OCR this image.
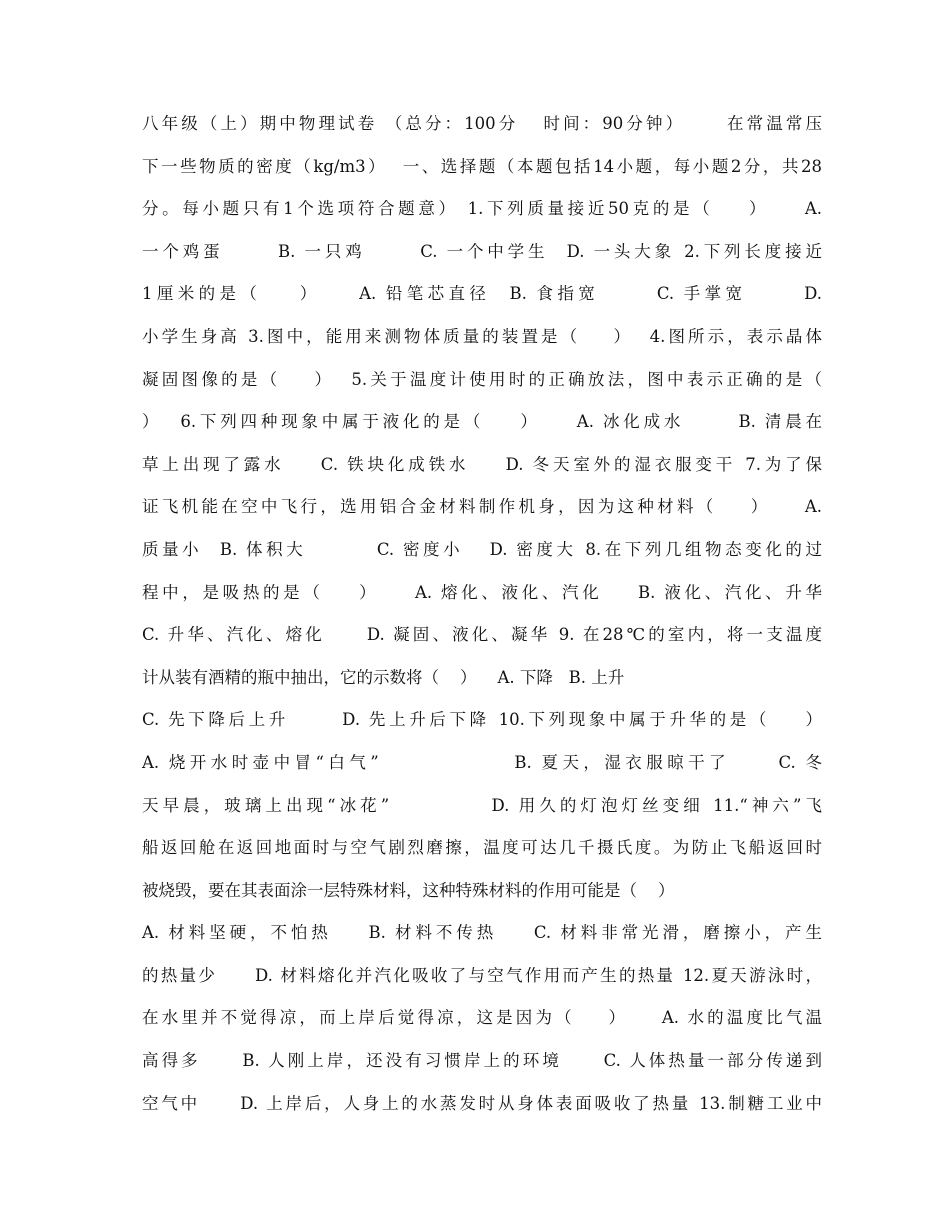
八年级（上）期中物理试卷 （总分：100分   时间：90分钟）     在常温常压
下一些物质的密度（kg/m3）  一、选择题（本题包括14小题，每小题2分，共28
分。每小题只有1个选项符合题意） 1.下列质量接近50克的是（    ）    A.
一个鸡蛋      B. 一只鸡      C. 一个中学生  D. 一头大象 2.下列长度接近
1厘米的是（    ）    A. 铅笔芯直径  B. 食指宽      C. 手掌宽      D.
小学生身高 3.图中，能用来测物体质量的装置是（    ）  4.图所示，表示晶体
凝固图像的是（    ）  5.关于温度计使用时的正确放法，图中表示正确的是（
）  6.下列四种现象中属于液化的是（    ）    A. 冰化成水      B. 清晨在
草上出现了露水    C. 铁块化成铁水    D. 冬天室外的湿衣服变干 7.为了保
证飞机能在空中飞行，选用铝合金材料制作机身，因为这种材料（    ）    A.
质量小  B. 体积大        C. 密度小   D. 密度大 8.在下列几组物态变化的过
程中，是吸热的是（    ）    A. 熔化、液化、汽化    B. 液化、汽化、升华
C. 升华、汽化、熔化     D. 凝固、液化、凝华 9. 在28℃的室内，将一支温度
计从装有酒精的瓶中抽出，它的示数将（    ）    A. 下降   B. 上升
C. 先下降后上升      D. 先上升后下降 10.下列现象中属于升华的是（    ）
A. 烧开水时壶中冒“白气”              B. 夏天，湿衣服晾干了     C. 冬
天早晨，玻璃上出现“冰花”           D. 用久的灯泡灯丝变细 11.“神六”飞
船返回舱在返回地面时与空气剧烈磨擦，温度可达几千摄氏度。为防止飞船返回时
被烧毁，要在其表面涂一层特殊材料，这种特殊材料的作用可能是（    ）
A. 材料坚硬，不怕热    B. 材料不传热    C. 材料非常光滑，磨擦小，产生
的热量少     D. 材料熔化并汽化吸收了与空气作用而产生的热量 12.夏天游泳时，
在水里并不觉得凉，而上岸后觉得凉，这是因为（    ）    A. 水的温度比气温
高得多     B. 人刚上岸，还没有习惯岸上的环境     C. 人体热量一部分传递到
空气中     D. 上岸后，人身上的水蒸发时从身体表面吸收了热量 13.制糖工业中
